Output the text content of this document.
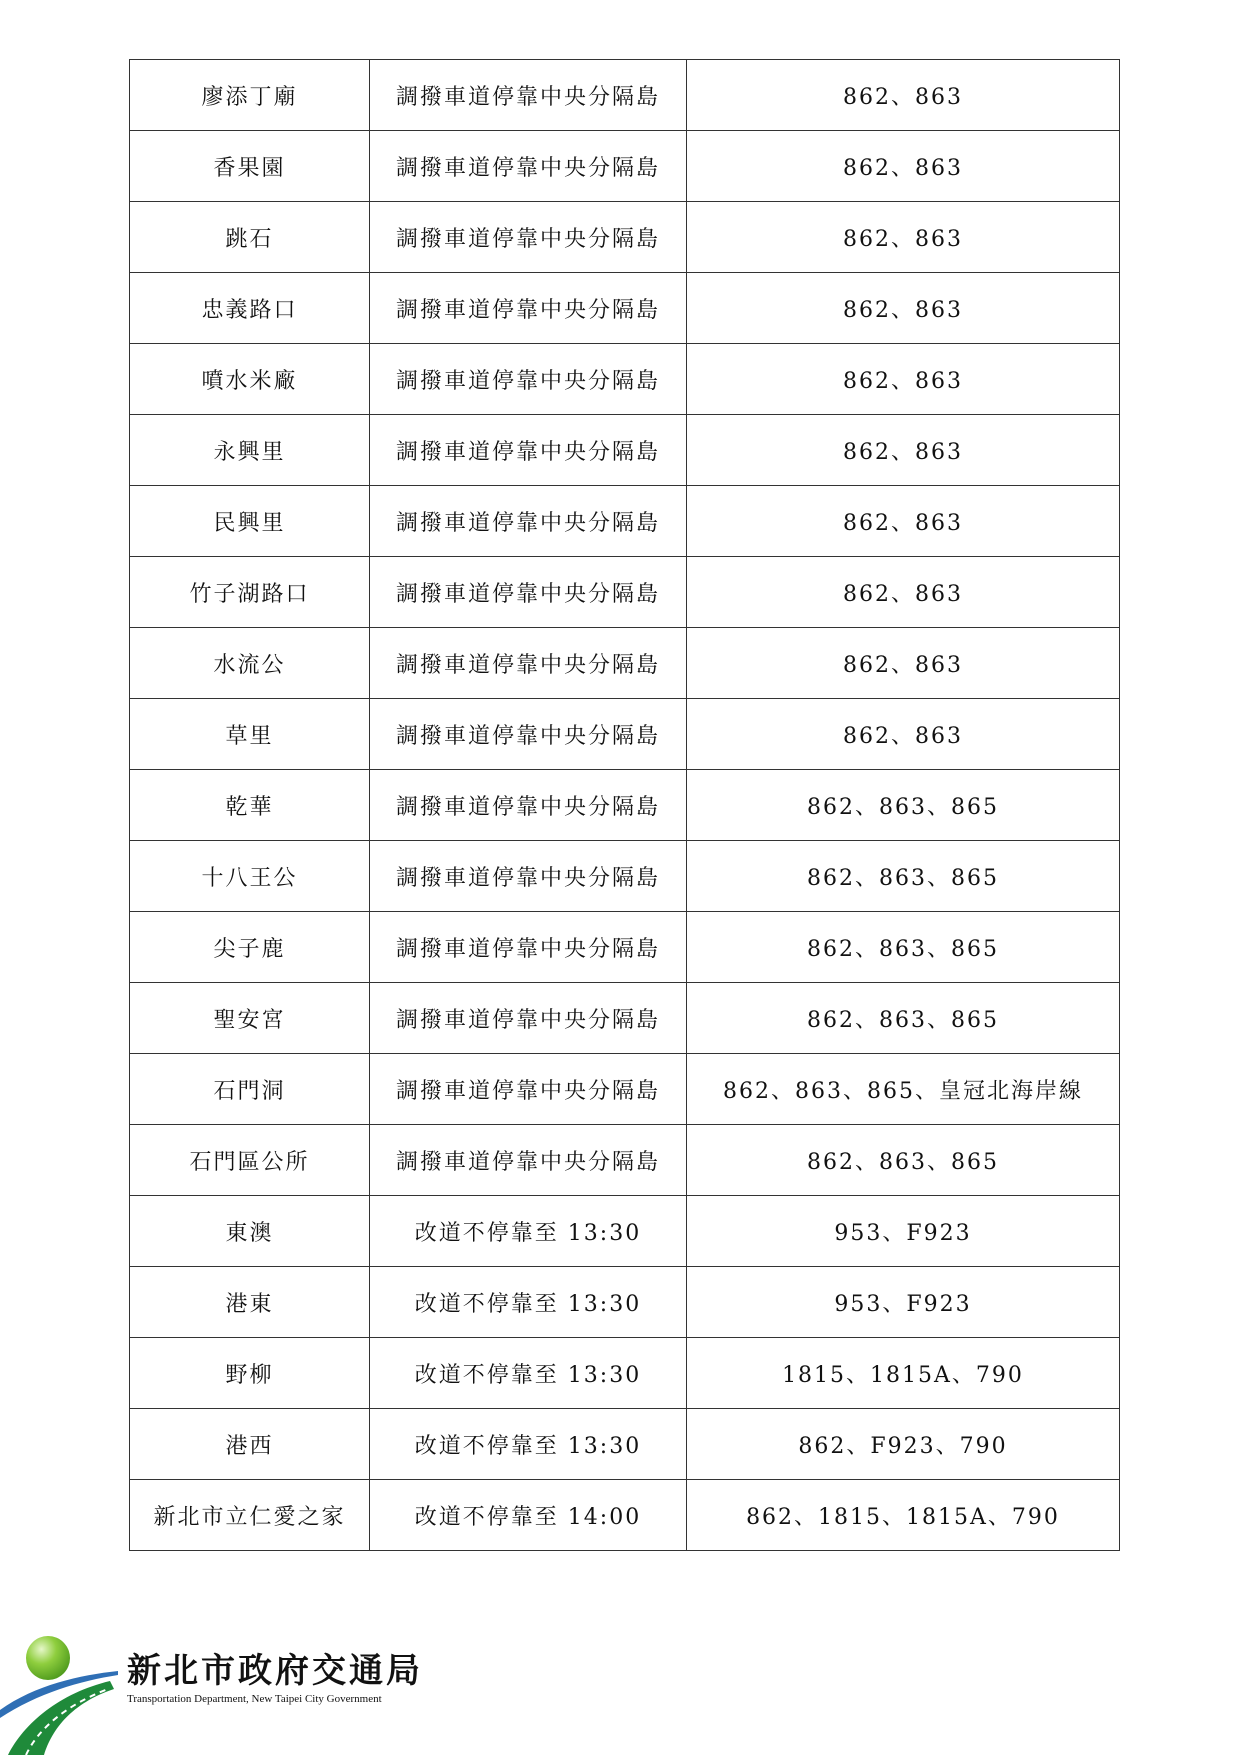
廖添丁廟	調撥車道停靠中央分隔島	862、863
香果園	調撥車道停靠中央分隔島	862、863
跳石	調撥車道停靠中央分隔島	862、863
忠義路口	調撥車道停靠中央分隔島	862、863
噴水米廠	調撥車道停靠中央分隔島	862、863
永興里	調撥車道停靠中央分隔島	862、863
民興里	調撥車道停靠中央分隔島	862、863
竹子湖路口	調撥車道停靠中央分隔島	862、863
水流公	調撥車道停靠中央分隔島	862、863
草里	調撥車道停靠中央分隔島	862、863
乾華	調撥車道停靠中央分隔島	862、863、865
十八王公	調撥車道停靠中央分隔島	862、863、865
尖子鹿	調撥車道停靠中央分隔島	862、863、865
聖安宮	調撥車道停靠中央分隔島	862、863、865
石門洞	調撥車道停靠中央分隔島	862、863、865、皇冠北海岸線
石門區公所	調撥車道停靠中央分隔島	862、863、865
東澳	改道不停靠至 13:30	953、F923
港東	改道不停靠至 13:30	953、F923
野柳	改道不停靠至 13:30	1815、1815A、790
港西	改道不停靠至 13:30	862、F923、790
新北市立仁愛之家	改道不停靠至 14:00	862、1815、1815A、790
新北市政府交通局
Transportation Department, New Taipei City Government
